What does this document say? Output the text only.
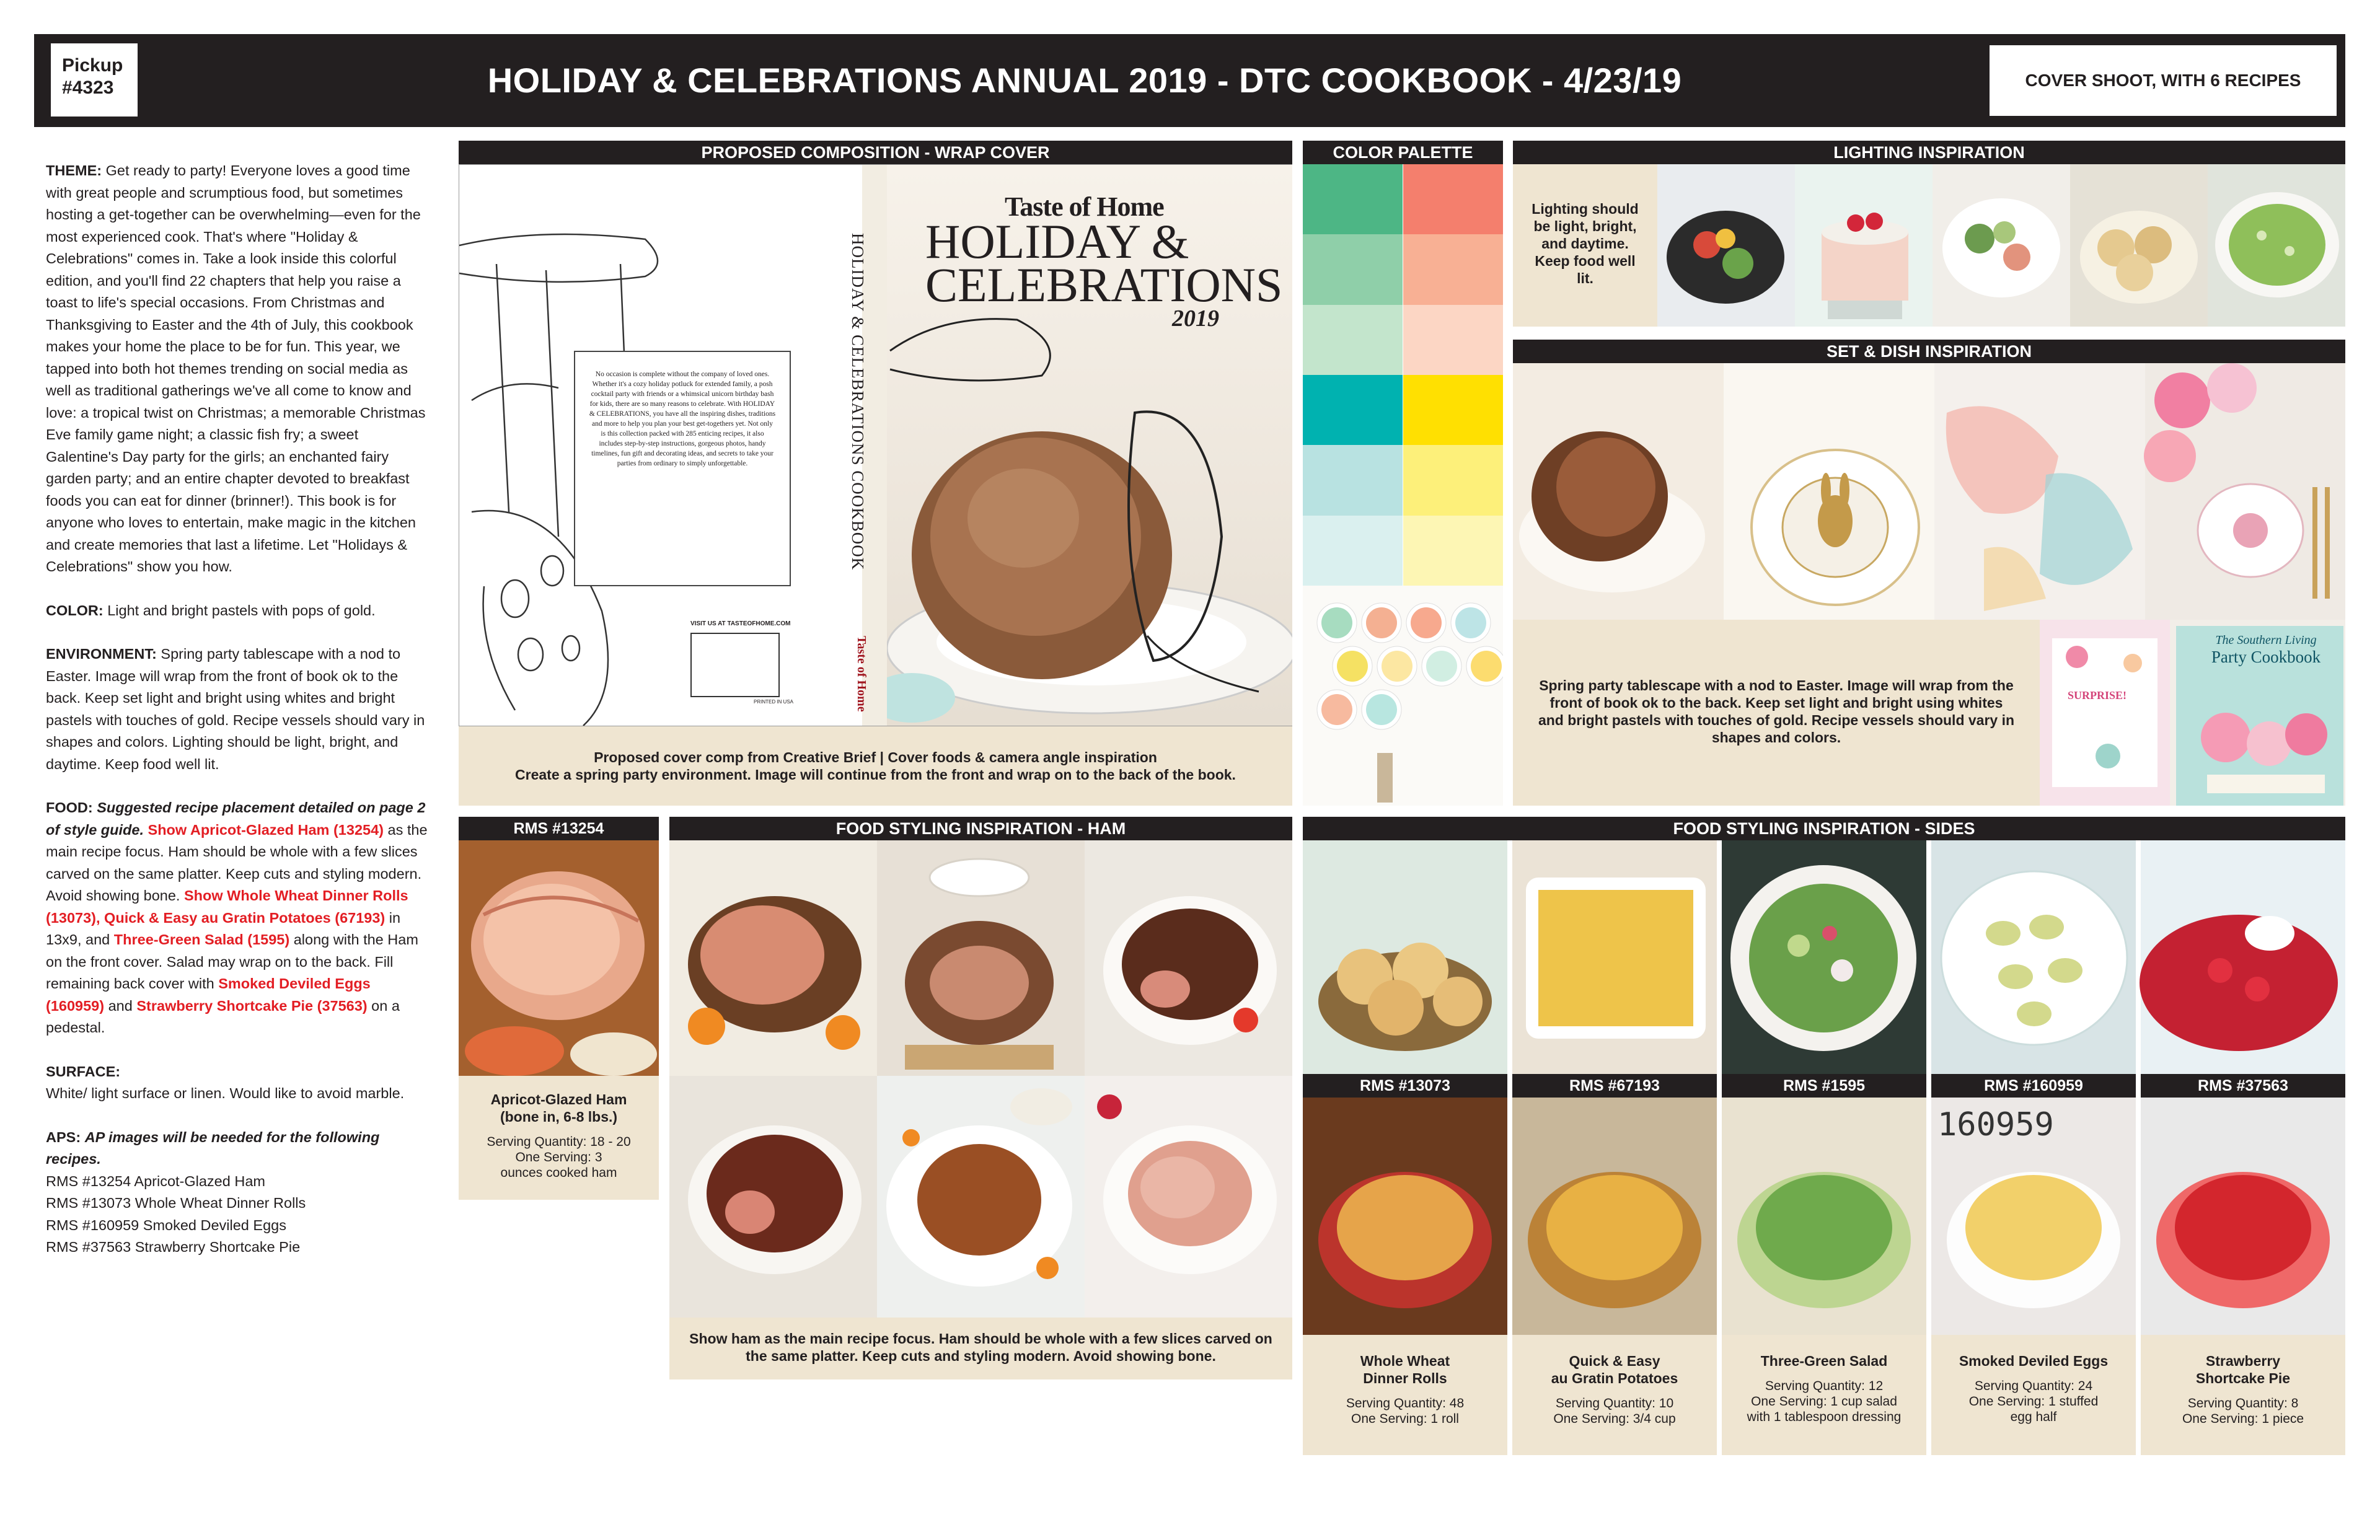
Pickup
#4323	HOLIDAY & CELEBRATIONS ANNUAL 2019 - DTC COOKBOOK - 4/23/19	COVER SHOOT, WITH 6 RECIPES

THEME: Get ready to party! Everyone loves a good time with great people and scrumptious food, but sometimes hosting a get-together can be overwhelming—even for the most experienced cook. That's where "Holiday & Celebrations" comes in. Take a look inside this colorful edition, and you'll find 22 chapters that help you raise a toast to life's special occasions. From Christmas and Thanksgiving to Easter and the 4th of July, this cookbook makes your home the place to be for fun. This year, we tapped into both hot themes trending on social media as well as traditional gatherings we've all come to know and love: a tropical twist on Christmas; a memorable Christmas Eve family game night; a classic fish fry; a sweet Galentine's Day party for the girls; an enchanted fairy garden party; and an entire chapter devoted to breakfast foods you can eat for dinner (brinner!). This book is for anyone who loves to entertain, make magic in the kitchen and create memories that last a lifetime. Let "Holidays & Celebrations" show you how.

COLOR: Light and bright pastels with pops of gold.

ENVIRONMENT: Spring party tablescape with a nod to Easter. Image will wrap from the front of book ok to the back. Keep set light and bright using whites and bright pastels with touches of gold. Recipe vessels should vary in shapes and colors. Lighting should be light, bright, and daytime. Keep food well lit.

FOOD: Suggested recipe placement detailed on page 2 of style guide. Show Apricot-Glazed Ham (13254) as the main recipe focus. Ham should be whole with a few slices carved on the same platter. Keep cuts and styling modern. Avoid showing bone. Show Whole Wheat Dinner Rolls (13073), Quick & Easy au Gratin Potatoes (67193) in 13x9, and Three-Green Salad (1595) along with the Ham on the front cover. Salad may wrap on to the back. Fill remaining back cover with Smoked Deviled Eggs (160959) and Strawberry Shortcake Pie (37563) on a pedestal.

SURFACE:
White/ light surface or linen. Would like to avoid marble.

APS: AP images will be needed for the following recipes.
RMS #13254 Apricot-Glazed Ham
RMS #13073 Whole Wheat Dinner Rolls
RMS #160959 Smoked Deviled Eggs
RMS #37563 Strawberry Shortcake Pie

PROPOSED COMPOSITION - WRAP COVER
No occasion is complete without the company of loved ones. Whether it's a cozy holiday potluck for extended family, a posh cocktail party with friends or a whimsical unicorn birthday bash for kids, there are so many reasons to celebrate. With HOLIDAY & CELEBRATIONS, you have all the inspiring dishes, traditions and more to help you plan your best get-togethers yet. Not only is this collection packed with 285 enticing recipes, it also includes step-by-step instructions, gorgeous photos, handy timelines, fun gift and decorating ideas, and secrets to take your parties from ordinary to simply unforgettable.
VISIT US AT TASTEOFHOME.COM
PRINTED IN USA
HOLIDAY & CELEBRATIONS COOKBOOK
Taste of Home
Taste of Home
HOLIDAY &
CELEBRATIONS
2019
Proposed cover comp from Creative Brief | Cover foods & camera angle inspiration
Create a spring party environment. Image will continue from the front and wrap on to the back of the book.
COLOR PALETTE	LIGHTING INSPIRATION
Lighting should be light, bright, and daytime. Keep food well lit.
SET & DISH INSPIRATION
Spring party tablescape with a nod to Easter. Image will wrap from the front of book ok to the back. Keep set light and bright using whites and bright pastels with touches of gold. Recipe vessels should vary in shapes and colors.
SURPRISE!
The Southern Living
Party Cookbook
RMS #13254
Apricot-Glazed Ham
(bone in, 6-8 lbs.)
Serving Quantity: 18 - 20
One Serving: 3 ounces cooked ham
FOOD STYLING INSPIRATION - HAM
Show ham as the main recipe focus. Ham should be whole with a few slices carved on the same platter. Keep cuts and styling modern. Avoid showing bone.
FOOD STYLING INSPIRATION - SIDES
RMS #13073
Whole Wheat
Dinner Rolls
Serving Quantity: 48
One Serving: 1 roll
RMS #67193
Quick & Easy
au Gratin Potatoes
Serving Quantity: 10
One Serving: 3/4 cup
RMS #1595
Three-Green Salad
Serving Quantity: 12
One Serving: 1 cup salad
with 1 tablespoon dressing
RMS #160959
160959
Smoked Deviled Eggs
Serving Quantity: 24
One Serving: 1 stuffed
egg half
RMS #37563
Strawberry
Shortcake Pie
Serving Quantity: 8
One Serving: 1 piece
